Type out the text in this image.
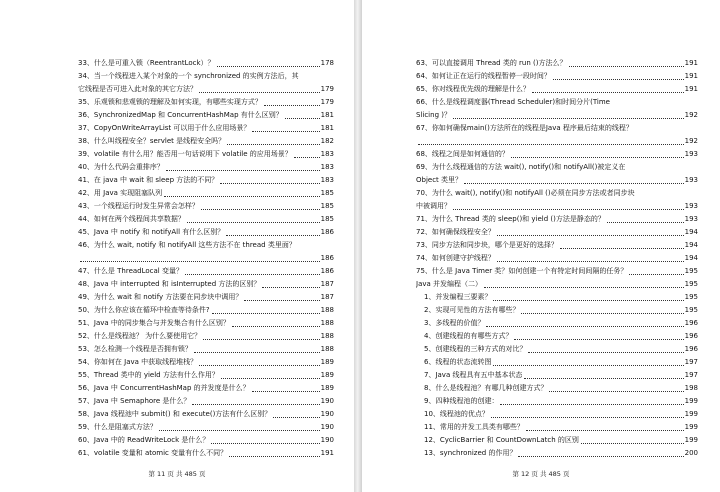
33、什么是可重入锁（ReentrantLock）？	178
34、当一个线程进入某个对象的一个 synchronized 的实例方法后，其
它线程是否可进入此对象的其它方法？	179
35、乐观锁和悲观锁的理解及如何实现，有哪些实现方式？	179
36、SynchronizedMap 和 ConcurrentHashMap 有什么区别？	181
37、CopyOnWriteArrayList 可以用于什么应用场景？	181
38、什么叫线程安全？servlet 是线程安全吗？	182
39、volatile 有什么用？能否用一句话说明下 volatile 的应用场景？	183
40、为什么代码会重排序？	183
41、在 java 中 wait 和 sleep 方法的不同？	183
42、用 Java 实现阻塞队列	185
43、一个线程运行时发生异常会怎样？	185
44、如何在两个线程间共享数据？	185
45、Java 中 notify 和 notifyAll 有什么区别？	186
46、为什么 wait, notify 和 notifyAll 这些方法不在 thread 类里面？
186
47、什么是 ThreadLocal 变量？	186
48、Java 中 interrupted 和 isInterrupted 方法的区别？	187
49、为什么 wait 和 notify 方法要在同步块中调用？	187
50、为什么你应该在循环中检查等待条件?	188
51、Java 中的同步集合与并发集合有什么区别？	188
52、什么是线程池？ 为什么要使用它？	188
53、怎么检测一个线程是否拥有锁？	188
54、你如何在 Java 中获取线程堆栈？	189
55、Thread 类中的 yield 方法有什么作用？	189
56、Java 中 ConcurrentHashMap 的并发度是什么？	189
57、Java 中 Semaphore 是什么？	190
58、Java 线程池中 submit() 和 execute()方法有什么区别？	190
59、什么是阻塞式方法？	190
60、Java 中的 ReadWriteLock 是什么？	190
61、volatile 变量和 atomic 变量有什么不同？	191
第 11 页 共 485 页
63、可以直接调用 Thread 类的 run ()方法么？	191
64、如何让正在运行的线程暂停一段时间？	191
65、你对线程优先级的理解是什么？	191
66、什么是线程调度器(Thread Scheduler)和时间分片(Time
Slicing )？	192
67、你如何确保main()方法所在的线程是Java 程序最后结束的线程？
192
68、线程之间是如何通信的？	193
69、为什么线程通信的方法 wait(), notify()和 notifyAll()被定义在
Object 类里？	193
70、为什么 wait(), notify()和 notifyAll ()必须在同步方法或者同步块
中被调用？	193
71、为什么 Thread 类的 sleep()和 yield ()方法是静态的？	193
72、如何确保线程安全？	194
73、同步方法和同步块，哪个是更好的选择？	194
74、如何创建守护线程？	194
75、什么是 Java Timer 类？如何创建一个有特定时间间隔的任务？	195
Java 并发编程（二）	195
1、并发编程三要素？	195
2、实现可见性的方法有哪些？	195
3、多线程的价值？	196
4、创建线程的有哪些方式？	196
5、创建线程的三种方式的对比？	196
6、线程的状态流转图	197
7、Java 线程具有五中基本状态	197
8、什么是线程池？有哪几种创建方式？	198
9、四种线程池的创建：	199
10、线程池的优点？	199
11、常用的并发工具类有哪些？	199
12、CyclicBarrier 和 CountDownLatch 的区别	199
13、synchronized 的作用？	200
第 12 页 共 485 页
